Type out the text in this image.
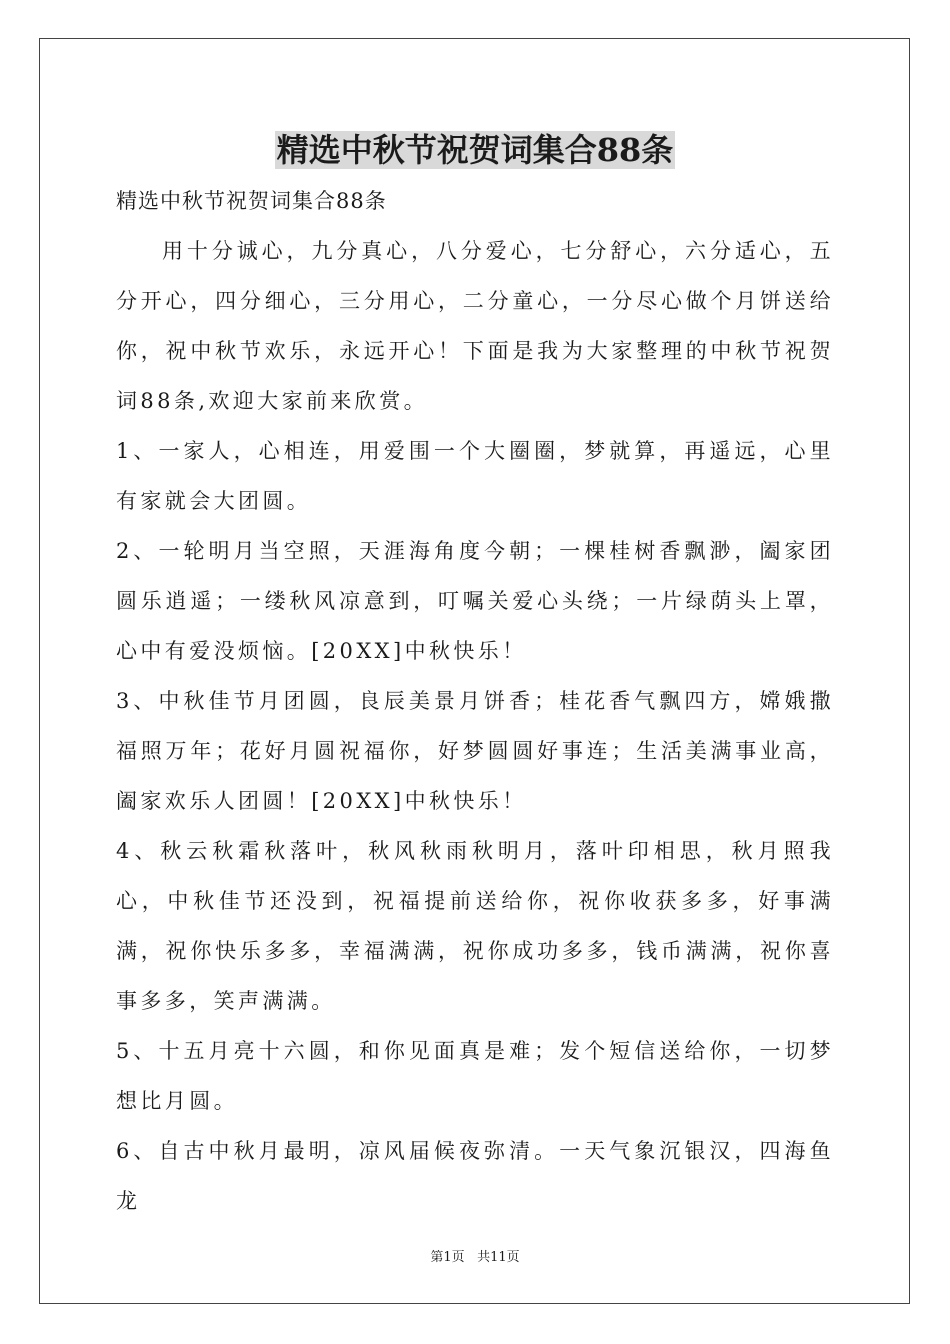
精选中秋节祝贺词集合88条

精选中秋节祝贺词集合88条

用十分诚心，九分真心，八分爱心，七分舒心，六分适心，五分开心，四分细心，三分用心，二分童心，一分尽心做个月饼送给你，祝中秋节欢乐，永远开心！下面是我为大家整理的中秋节祝贺词88条,欢迎大家前来欣赏。

1、一家人，心相连，用爱围一个大圈圈，梦就算，再遥远，心里有家就会大团圆。

2、一轮明月当空照，天涯海角度今朝；一棵桂树香飘渺，阖家团圆乐逍遥；一缕秋风凉意到，叮嘱关爱心头绕；一片绿荫头上罩，心中有爱没烦恼。[20XX]中秋快乐！

3、中秋佳节月团圆，良辰美景月饼香；桂花香气飘四方，嫦娥撒福照万年；花好月圆祝福你，好梦圆圆好事连；生活美满事业高，阖家欢乐人团圆！[20XX]中秋快乐！

4、秋云秋霜秋落叶，秋风秋雨秋明月，落叶印相思，秋月照我心，中秋佳节还没到，祝福提前送给你，祝你收获多多，好事满满，祝你快乐多多，幸福满满，祝你成功多多，钱币满满，祝你喜事多多，笑声满满。

5、十五月亮十六圆，和你见面真是难；发个短信送给你，一切梦想比月圆。

6、自古中秋月最明，凉风届候夜弥清。一天气象沉银汉，四海鱼龙

第1页 共11页
